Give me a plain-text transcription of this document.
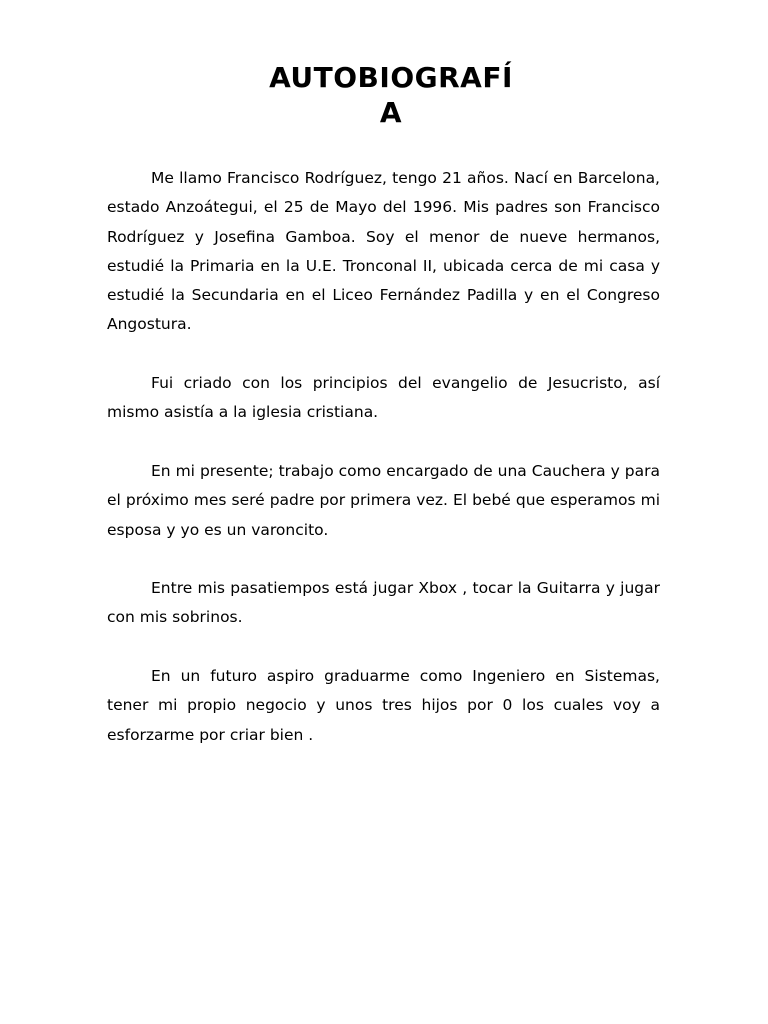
AUTOBIOGRAFÍ
A

Me llamo Francisco Rodríguez, tengo 21 años. Nací en Barcelona, estado Anzoátegui, el 25 de Mayo del 1996. Mis padres son Francisco Rodríguez y Josefina Gamboa. Soy el menor de nueve hermanos, estudié la Primaria en la U.E. Tronconal II, ubicada cerca de mi casa y estudié la Secundaria en el Liceo Fernández Padilla y en el Congreso Angostura.

Fui criado con los principios del evangelio de Jesucristo, así mismo asistía a la iglesia cristiana.

En mi presente; trabajo como encargado de una Cauchera y para el próximo mes seré padre por primera vez. El bebé que esperamos mi esposa y yo es un varoncito.

Entre mis pasatiempos está jugar Xbox , tocar la Guitarra y jugar con mis sobrinos.

En un futuro aspiro graduarme como Ingeniero en Sistemas, tener mi propio negocio y unos tres hijos por 0 los cuales voy a esforzarme por criar bien .
